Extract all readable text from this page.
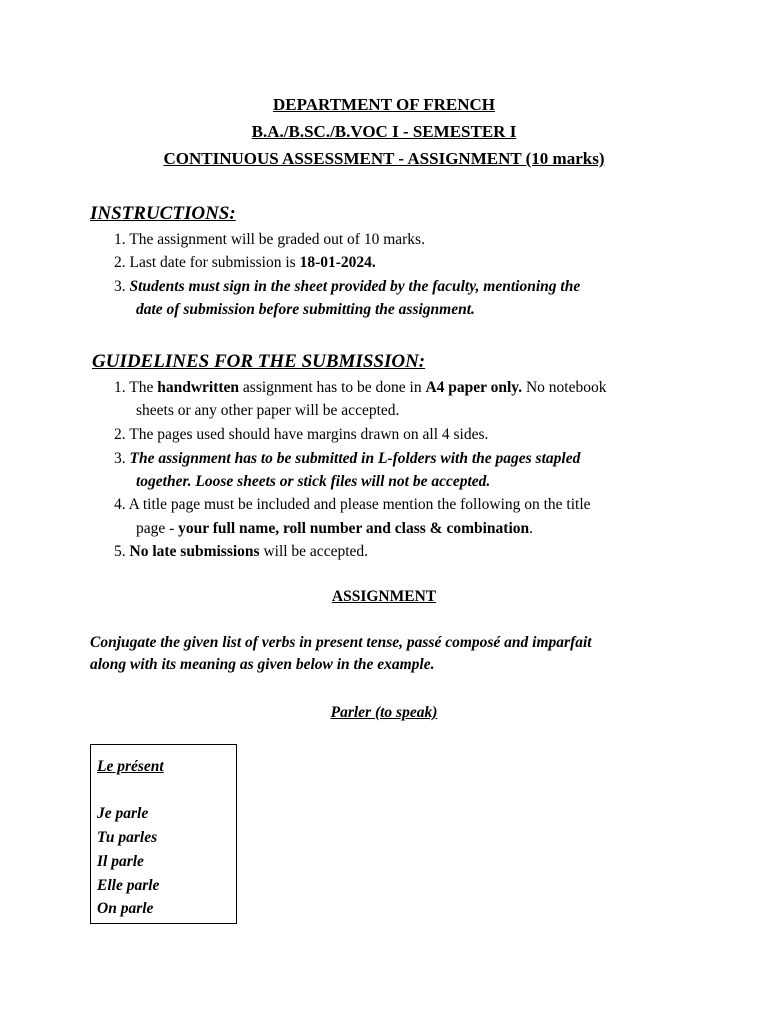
DEPARTMENT OF FRENCH
B.A./B.SC./B.VOC I - SEMESTER I
CONTINUOUS ASSESSMENT - ASSIGNMENT (10 marks)
INSTRUCTIONS:
1. The assignment will be graded out of 10 marks.
2. Last date for submission is 18-01-2024.
3. Students must sign in the sheet provided by the faculty, mentioning the
date of submission before submitting the assignment.
GUIDELINES FOR THE SUBMISSION:
1. The handwritten assignment has to be done in A4 paper only. No notebook
sheets or any other paper will be accepted.
2. The pages used should have margins drawn on all 4 sides.
3. The assignment has to be submitted in L-folders with the pages stapled
together. Loose sheets or stick files will not be accepted.
4. A title page must be included and please mention the following on the title
page - your full name, roll number and class & combination.
5. No late submissions will be accepted.
ASSIGNMENT
Conjugate the given list of verbs in present tense, passé composé and imparfait
along with its meaning as given below in the example.
Parler (to speak)
Le présent
Je parle
Tu parles
Il parle
Elle parle
On parle
